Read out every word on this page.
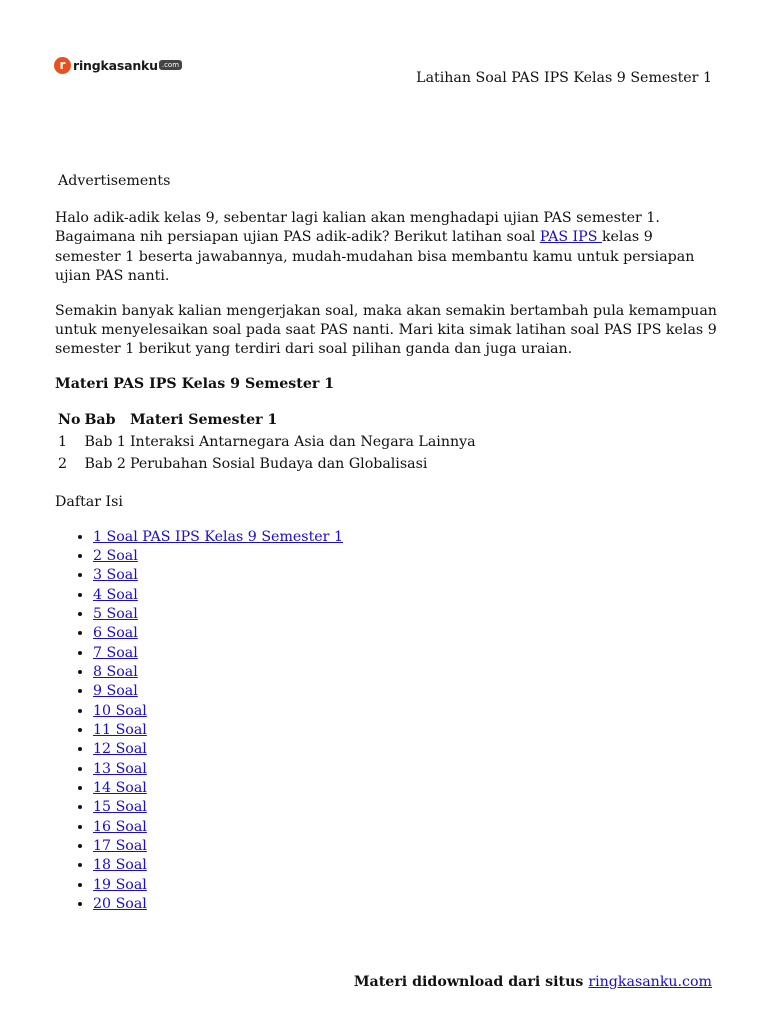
r ringkasanku .com
Latihan Soal PAS IPS Kelas 9 Semester 1
Advertisements

Halo adik-adik kelas 9, sebentar lagi kalian akan menghadapi ujian PAS semester 1. Bagaimana nih persiapan ujian PAS adik-adik? Berikut latihan soal PAS IPS kelas 9 semester 1 beserta jawabannya, mudah-mudahan bisa membantu kamu untuk persiapan ujian PAS nanti.

Semakin banyak kalian mengerjakan soal, maka akan semakin bertambah pula kemampuan untuk menyelesaikan soal pada saat PAS nanti. Mari kita simak latihan soal PAS IPS kelas 9 semester 1 berikut yang terdiri dari soal pilihan ganda dan juga uraian.

Materi PAS IPS Kelas 9 Semester 1

No	Bab	Materi Semester 1
1	Bab 1	Interaksi Antarnegara Asia dan Negara Lainnya
2	Bab 2	Perubahan Sosial Budaya dan Globalisasi

Daftar Isi

• 1 Soal PAS IPS Kelas 9 Semester 1
• 2 Soal
• 3 Soal
• 4 Soal
• 5 Soal
• 6 Soal
• 7 Soal
• 8 Soal
• 9 Soal
• 10 Soal
• 11 Soal
• 12 Soal
• 13 Soal
• 14 Soal
• 15 Soal
• 16 Soal
• 17 Soal
• 18 Soal
• 19 Soal
• 20 Soal
Materi didownload dari situs ringkasanku.com
